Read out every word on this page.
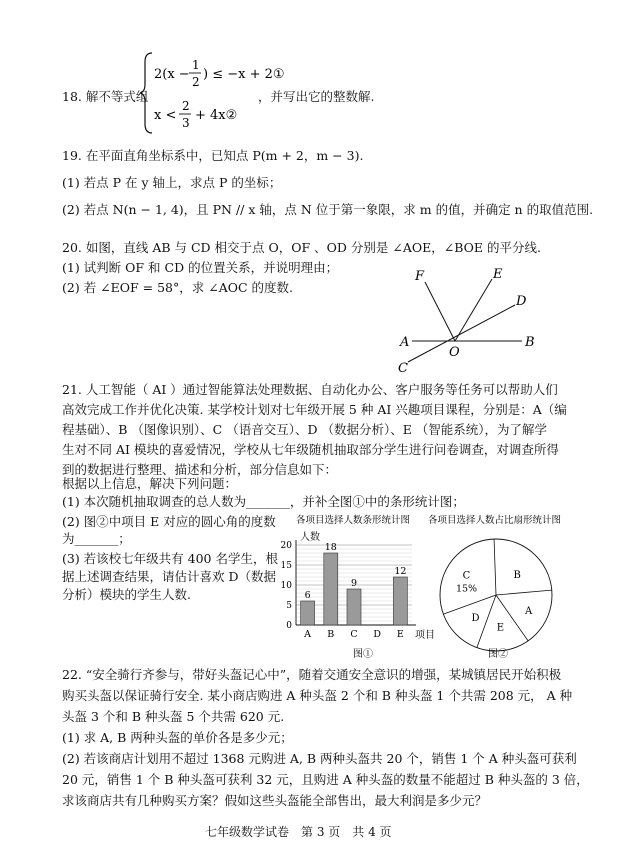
18. 解不等式组
2(x −
1
2 ) ≤ −x + 2①
x <
2
3 + 4x②
，并写出它的整数解.
19. 在平面直角坐标系中，已知点 P(m + 2，m − 3).
(1) 若点 P 在 y 轴上，求点 P 的坐标；
(2) 若点 N(n − 1, 4)，且 PN // x 轴，点 N 位于第一象限，求 m 的值，并确定 n 的取值范围.
20. 如图，直线 AB 与 CD 相交于点 O，OF 、OD 分别是 ∠AOE，∠BOE 的平分线.
(1) 试判断 OF 和 CD 的位置关系，并说明理由；
(2) 若 ∠EOF = 58°，求 ∠AOC 的度数.
F	E
D
A
O
B
C
21. 人工智能（ AI ）通过智能算法处理数据、自动化办公、客户服务等任务可以帮助人们
高效完成工作并优化决策. 某学校计划对七年级开展 5 种 AI 兴趣项目课程，分别是：A（编
程基础）、B （图像识别）、C （语音交互）、D （数据分析）、E （智能系统），为了解学
生对不同 AI 模块的喜爱情况，学校从七年级随机抽取部分学生进行问卷调查，对调查所得
到的数据进行整理、描述和分析，部分信息如下：
根据以上信息，解决下列问题：
(1) 本次随机抽取调查的总人数为_______，并补全图①中的条形统计图；
(2) 图②中项目 E 对应的圆心角的度数
为_______；
(3) 若该校七年级共有 400 名学生，根
据上述调查结果，请估计喜欢 D（数据
分析）模块的学生人数.
各项目选择人数条形统计图
人数
0
5
10
15
20
6
18
9
12
A B C D E 项目
图①
各项目选择人数占比扇形统计图
B
A
E
D
C
15%
图②
22. “安全骑行齐参与，带好头盔记心中”，随着交通安全意识的增强，某城镇居民开始积极
购买头盔以保证骑行安全. 某小商店购进 A 种头盔 2 个和 B 种头盔 1 个共需 208 元， A 种
头盔 3 个和 B 种头盔 5 个共需 620 元.
(1) 求 A, B 两种头盔的单价各是多少元；
(2) 若该商店计划用不超过 1368 元购进 A, B 两种头盔共 20 个，销售 1 个 A 种头盔可获利
20 元，销售 1 个 B 种头盔可获利 32 元，且购进 A 种头盔的数量不能超过 B 种头盔的 3 倍，
求该商店共有几种购买方案？假如这些头盔能全部售出，最大利润是多少元？
七年级数学试卷　第 3 页　共 4 页
